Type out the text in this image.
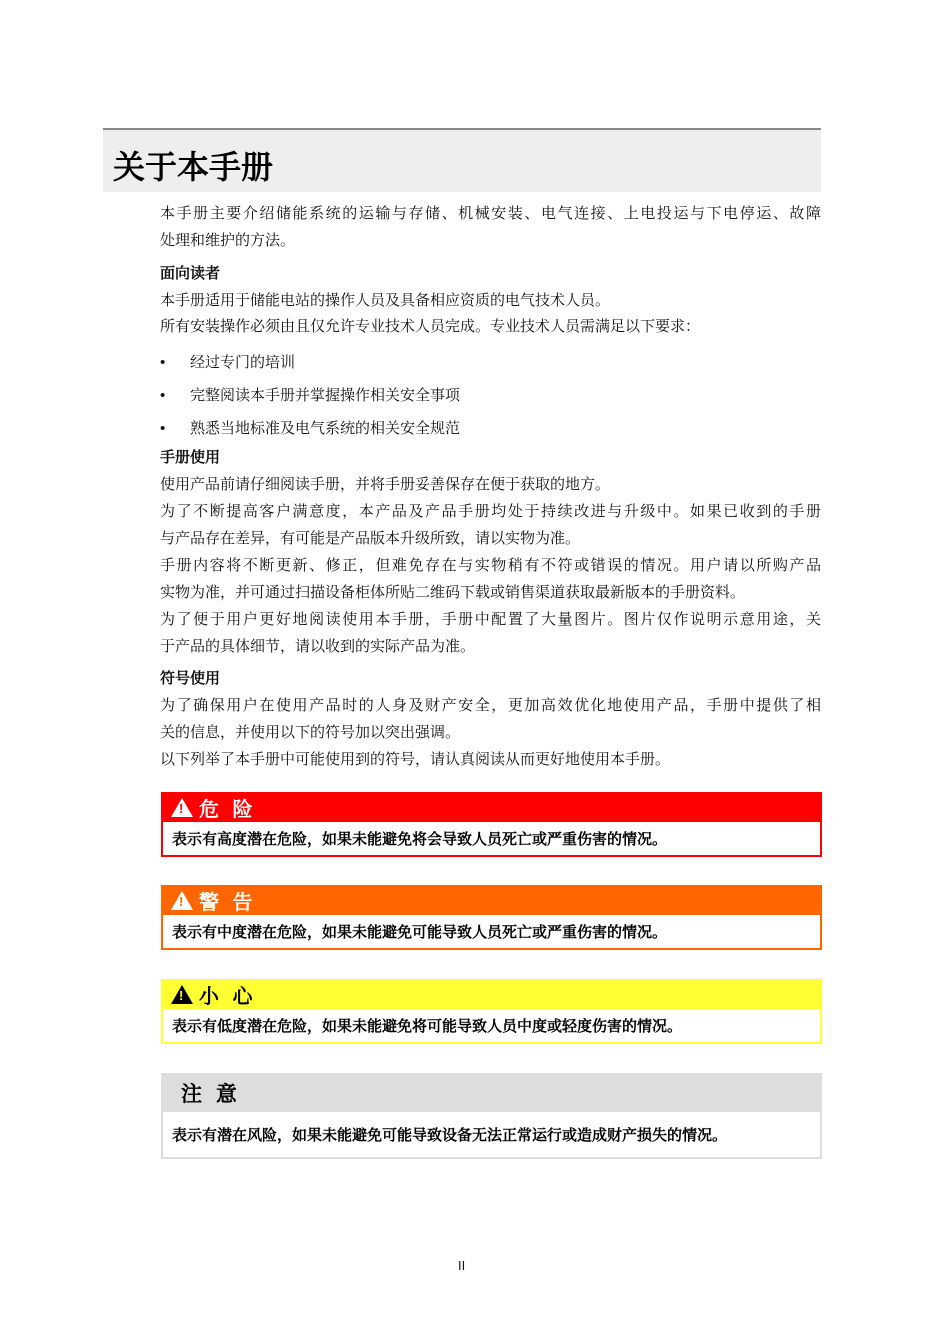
关于本手册
本手册主要介绍储能系统的运输与存储、机械安装、电气连接、上电投运与下电停运、故障
处理和维护的方法。
面向读者
本手册适用于储能电站的操作人员及具备相应资质的电气技术人员。
所有安装操作必须由且仅允许专业技术人员完成。专业技术人员需满足以下要求：
• 经过专门的培训
• 完整阅读本手册并掌握操作相关安全事项
• 熟悉当地标准及电气系统的相关安全规范
手册使用
使用产品前请仔细阅读手册，并将手册妥善保存在便于获取的地方。
为了不断提高客户满意度，本产品及产品手册均处于持续改进与升级中。如果已收到的手册
与产品存在差异，有可能是产品版本升级所致，请以实物为准。
手册内容将不断更新、修正，但难免存在与实物稍有不符或错误的情况。用户请以所购产品
实物为准，并可通过扫描设备柜体所贴二维码下载或销售渠道获取最新版本的手册资料。
为了便于用户更好地阅读使用本手册，手册中配置了大量图片。图片仅作说明示意用途，关
于产品的具体细节，请以收到的实际产品为准。
符号使用
为了确保用户在使用产品时的人身及财产安全，更加高效优化地使用产品，手册中提供了相
关的信息，并使用以下的符号加以突出强调。
以下列举了本手册中可能使用到的符号，请认真阅读从而更好地使用本手册。
!
危 险
表示有高度潜在危险，如果未能避免将会导致人员死亡或严重伤害的情况。
!
警 告
表示有中度潜在危险，如果未能避免可能导致人员死亡或严重伤害的情况。
!
小 心
表示有低度潜在危险，如果未能避免将可能导致人员中度或轻度伤害的情况。
注 意
表示有潜在风险，如果未能避免可能导致设备无法正常运行或造成财产损失的情况。
II
